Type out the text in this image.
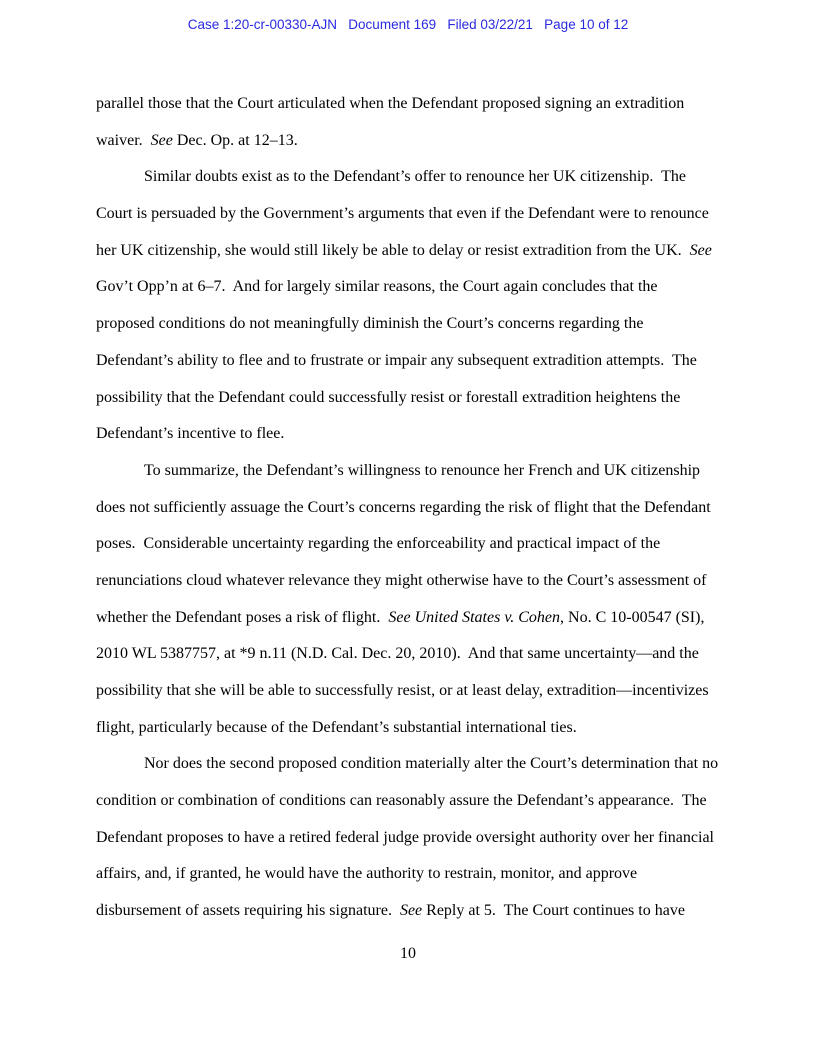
Case 1:20-cr-00330-AJN   Document 169   Filed 03/22/21   Page 10 of 12
parallel those that the Court articulated when the Defendant proposed signing an extradition
waiver.  See Dec. Op. at 12–13.
Similar doubts exist as to the Defendant’s offer to renounce her UK citizenship.  The
Court is persuaded by the Government’s arguments that even if the Defendant were to renounce
her UK citizenship, she would still likely be able to delay or resist extradition from the UK.  See
Gov’t Opp’n at 6–7.  And for largely similar reasons, the Court again concludes that the
proposed conditions do not meaningfully diminish the Court’s concerns regarding the
Defendant’s ability to flee and to frustrate or impair any subsequent extradition attempts.  The
possibility that the Defendant could successfully resist or forestall extradition heightens the
Defendant’s incentive to flee.
To summarize, the Defendant’s willingness to renounce her French and UK citizenship
does not sufficiently assuage the Court’s concerns regarding the risk of flight that the Defendant
poses.  Considerable uncertainty regarding the enforceability and practical impact of the
renunciations cloud whatever relevance they might otherwise have to the Court’s assessment of
whether the Defendant poses a risk of flight.  See United States v. Cohen, No. C 10-00547 (SI),
2010 WL 5387757, at *9 n.11 (N.D. Cal. Dec. 20, 2010).  And that same uncertainty—and the
possibility that she will be able to successfully resist, or at least delay, extradition—incentivizes
flight, particularly because of the Defendant’s substantial international ties.
Nor does the second proposed condition materially alter the Court’s determination that no
condition or combination of conditions can reasonably assure the Defendant’s appearance.  The
Defendant proposes to have a retired federal judge provide oversight authority over her financial
affairs, and, if granted, he would have the authority to restrain, monitor, and approve
disbursement of assets requiring his signature.  See Reply at 5.  The Court continues to have
10
